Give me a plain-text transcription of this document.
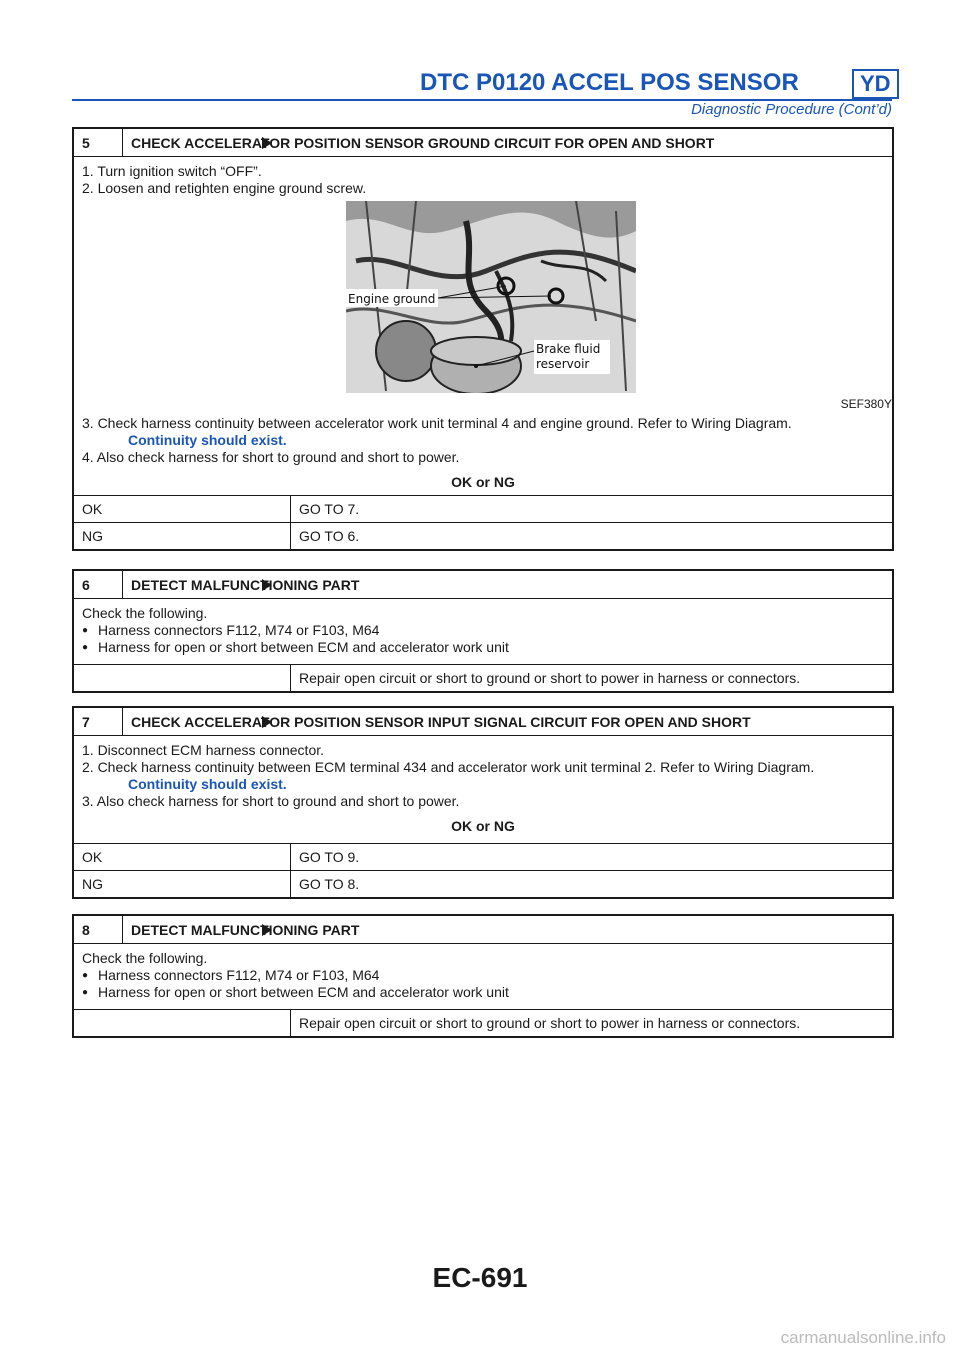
DTC P0120 ACCEL POS SENSOR	YD
Diagnostic Procedure (Cont’d)
5	CHECK ACCELERATOR POSITION SENSOR GROUND CIRCUIT FOR OPEN AND SHORT
1. Turn ignition switch “OFF”.
2. Loosen and retighten engine ground screw.
Engine ground
Brake fluid
reservoir
SEF380Y
3. Check harness continuity between accelerator work unit terminal 4 and engine ground. Refer to Wiring Diagram.
Continuity should exist.
4. Also check harness for short to ground and short to power.
OK or NG
OK	GO TO 7.
NG	GO TO 6.
6	DETECT MALFUNCTIONING PART
Check the following.
● Harness connectors F112, M74 or F103, M64
● Harness for open or short between ECM and accelerator work unit
Repair open circuit or short to ground or short to power in harness or connectors.
7	CHECK ACCELERATOR POSITION SENSOR INPUT SIGNAL CIRCUIT FOR OPEN AND SHORT
1. Disconnect ECM harness connector.
2. Check harness continuity between ECM terminal 434 and accelerator work unit terminal 2. Refer to Wiring Diagram.
Continuity should exist.
3. Also check harness for short to ground and short to power.
OK or NG
OK	GO TO 9.
NG	GO TO 8.
8	DETECT MALFUNCTIONING PART
Check the following.
● Harness connectors F112, M74 or F103, M64
● Harness for open or short between ECM and accelerator work unit
Repair open circuit or short to ground or short to power in harness or connectors.
EC-691
carmanualsonline.info
